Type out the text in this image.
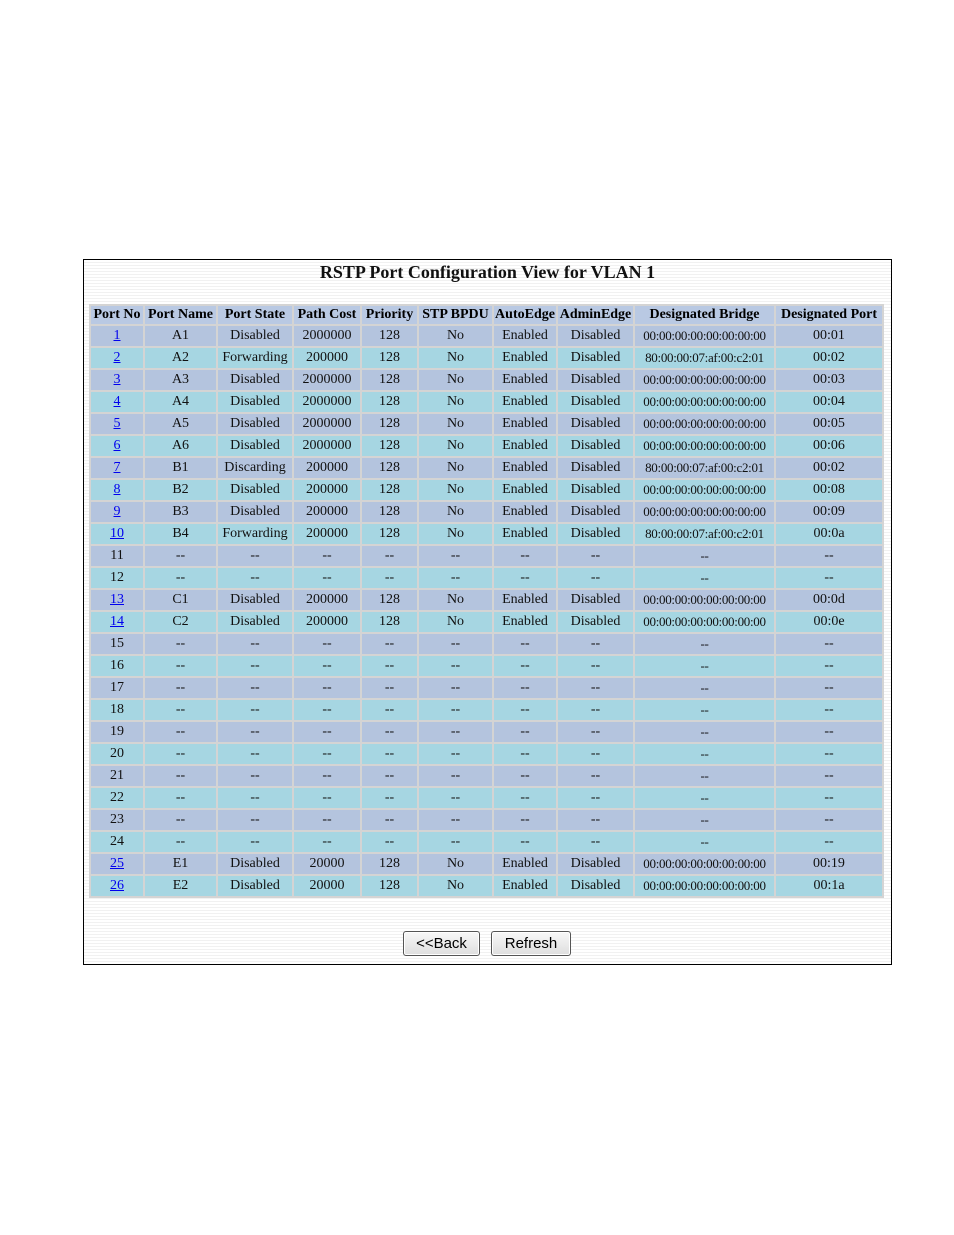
RSTP Port Configuration View for VLAN 1
Port No	Port Name	Port State	Path Cost	Priority	STP BPDU	AutoEdge	AdminEdge	Designated Bridge	Designated Port
1	A1	Disabled	2000000	128	No	Enabled	Disabled	00:00:00:00:00:00:00:00	00:01
2	A2	Forwarding	200000	128	No	Enabled	Disabled	80:00:00:07:af:00:c2:01	00:02
3	A3	Disabled	2000000	128	No	Enabled	Disabled	00:00:00:00:00:00:00:00	00:03
4	A4	Disabled	2000000	128	No	Enabled	Disabled	00:00:00:00:00:00:00:00	00:04
5	A5	Disabled	2000000	128	No	Enabled	Disabled	00:00:00:00:00:00:00:00	00:05
6	A6	Disabled	2000000	128	No	Enabled	Disabled	00:00:00:00:00:00:00:00	00:06
7	B1	Discarding	200000	128	No	Enabled	Disabled	80:00:00:07:af:00:c2:01	00:02
8	B2	Disabled	200000	128	No	Enabled	Disabled	00:00:00:00:00:00:00:00	00:08
9	B3	Disabled	200000	128	No	Enabled	Disabled	00:00:00:00:00:00:00:00	00:09
10	B4	Forwarding	200000	128	No	Enabled	Disabled	80:00:00:07:af:00:c2:01	00:0a
11	--	--	--	--	--	--	--	--	--
12	--	--	--	--	--	--	--	--	--
13	C1	Disabled	200000	128	No	Enabled	Disabled	00:00:00:00:00:00:00:00	00:0d
14	C2	Disabled	200000	128	No	Enabled	Disabled	00:00:00:00:00:00:00:00	00:0e
15	--	--	--	--	--	--	--	--	--
16	--	--	--	--	--	--	--	--	--
17	--	--	--	--	--	--	--	--	--
18	--	--	--	--	--	--	--	--	--
19	--	--	--	--	--	--	--	--	--
20	--	--	--	--	--	--	--	--	--
21	--	--	--	--	--	--	--	--	--
22	--	--	--	--	--	--	--	--	--
23	--	--	--	--	--	--	--	--	--
24	--	--	--	--	--	--	--	--	--
25	E1	Disabled	20000	128	No	Enabled	Disabled	00:00:00:00:00:00:00:00	00:19
26	E2	Disabled	20000	128	No	Enabled	Disabled	00:00:00:00:00:00:00:00	00:1a
<<Back	Refresh
